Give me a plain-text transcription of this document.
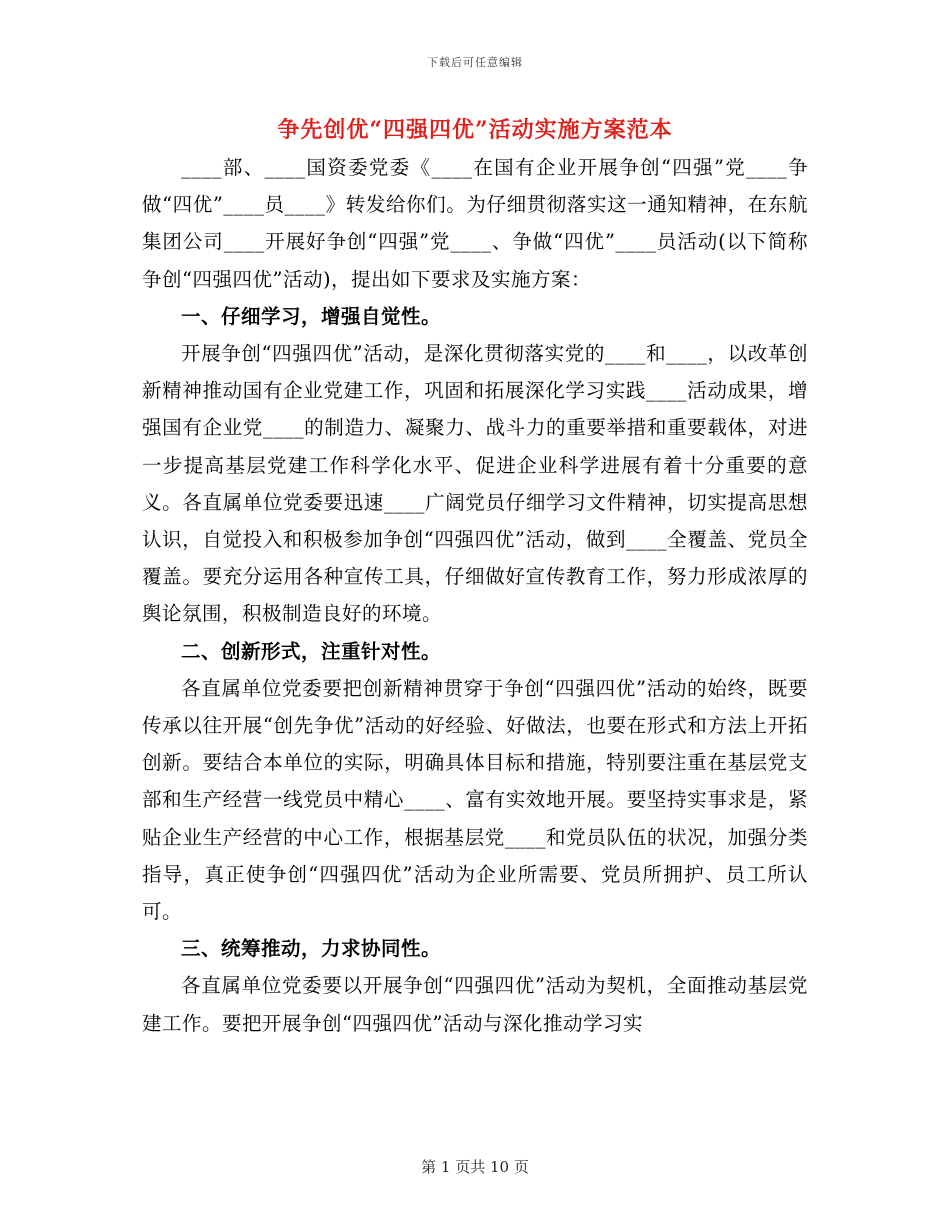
下载后可任意编辑
争先创优“四强四优”活动实施方案范本

____部、____国资委党委《____在国有企业开展争创“四强”党____争做“四优”____员____》转发给你们。为仔细贯彻落实这一通知精神，在东航集团公司____开展好争创“四强”党____、争做“四优”____员活动(以下简称争创“四强四优”活动)，提出如下要求及实施方案：

一、仔细学习，增强自觉性。

开展争创“四强四优”活动，是深化贯彻落实党的____和____，以改革创新精神推动国有企业党建工作，巩固和拓展深化学习实践____活动成果，增强国有企业党____的制造力、凝聚力、战斗力的重要举措和重要载体，对进一步提高基层党建工作科学化水平、促进企业科学进展有着十分重要的意义。各直属单位党委要迅速____广阔党员仔细学习文件精神，切实提高思想认识，自觉投入和积极参加争创“四强四优”活动，做到____全覆盖、党员全覆盖。要充分运用各种宣传工具，仔细做好宣传教育工作，努力形成浓厚的舆论氛围，积极制造良好的环境。

二、创新形式，注重针对性。

各直属单位党委要把创新精神贯穿于争创“四强四优”活动的始终，既要传承以往开展“创先争优”活动的好经验、好做法，也要在形式和方法上开拓创新。要结合本单位的实际，明确具体目标和措施，特别要注重在基层党支部和生产经营一线党员中精心____、富有实效地开展。要坚持实事求是，紧贴企业生产经营的中心工作，根据基层党____和党员队伍的状况，加强分类指导，真正使争创“四强四优”活动为企业所需要、党员所拥护、员工所认可。

三、统筹推动，力求协同性。

各直属单位党委要以开展争创“四强四优”活动为契机，全面推动基层党建工作。要把开展争创“四强四优”活动与深化推动学习实

第 1 页共 10 页
